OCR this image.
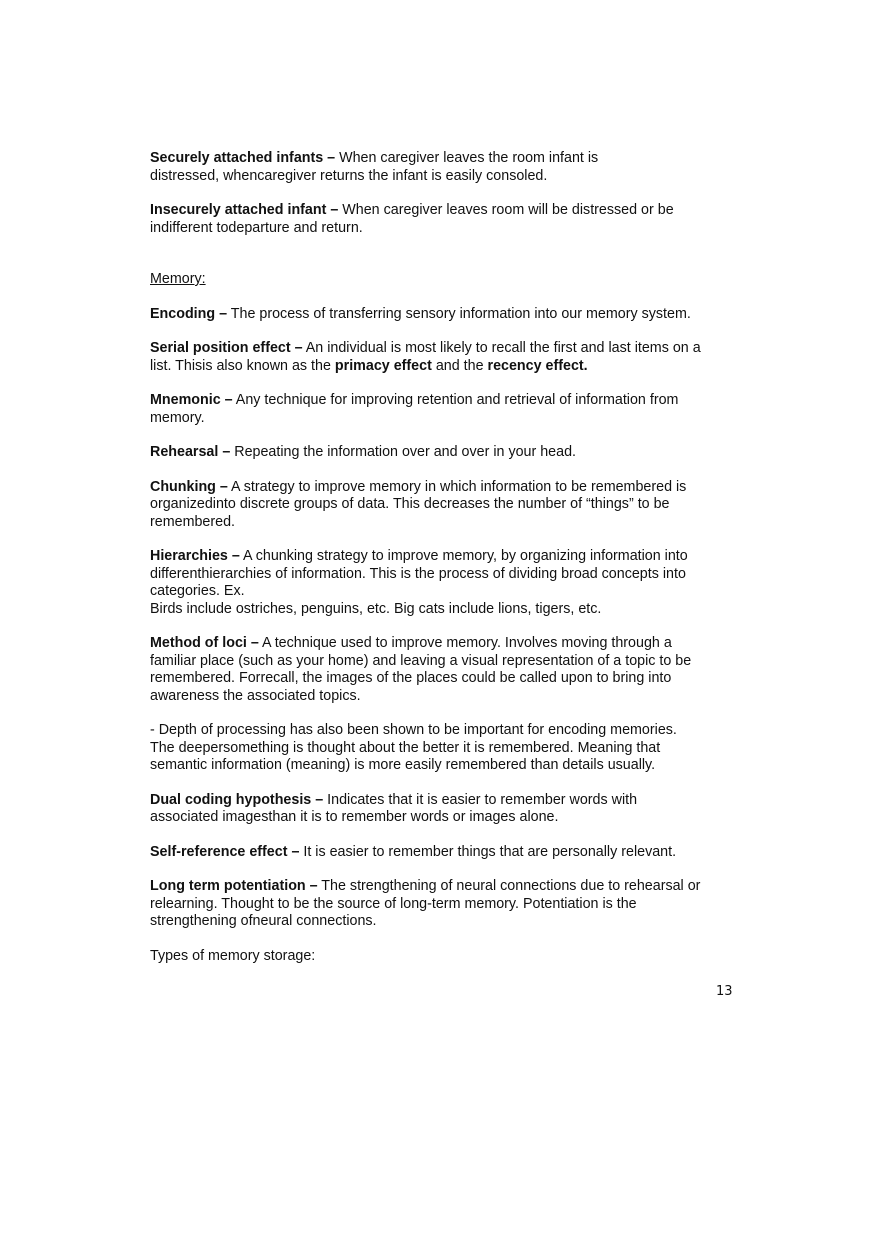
Securely attached infants – When caregiver leaves the room infant is
distressed, whencaregiver returns the infant is easily consoled.

Insecurely attached infant – When caregiver leaves room will be distressed or be
indifferent todeparture and return.

Memory:

Encoding – The process of transferring sensory information into our memory system.

Serial position effect – An individual is most likely to recall the first and last items on a
list. Thisis also known as the primacy effect and the recency effect.

Mnemonic – Any technique for improving retention and retrieval of information from
memory.

Rehearsal – Repeating the information over and over in your head.

Chunking – A strategy to improve memory in which information to be remembered is
organizedinto discrete groups of data. This decreases the number of “things” to be
remembered.

Hierarchies – A chunking strategy to improve memory, by organizing information into
differenthierarchies of information. This is the process of dividing broad concepts into
categories. Ex.
Birds include ostriches, penguins, etc. Big cats include lions, tigers, etc.

Method of loci – A technique used to improve memory. Involves moving through a
familiar place (such as your home) and leaving a visual representation of a topic to be
remembered. Forrecall, the images of the places could be called upon to bring into
awareness the associated topics.

- Depth of processing has also been shown to be important for encoding memories.
The deepersomething is thought about the better it is remembered. Meaning that
semantic information (meaning) is more easily remembered than details usually.

Dual coding hypothesis – Indicates that it is easier to remember words with
associated imagesthan it is to remember words or images alone.

Self-reference effect – It is easier to remember things that are personally relevant.

Long term potentiation – The strengthening of neural connections due to rehearsal or
relearning. Thought to be the source of long-term memory. Potentiation is the
strengthening ofneural connections.

Types of memory storage:

13
